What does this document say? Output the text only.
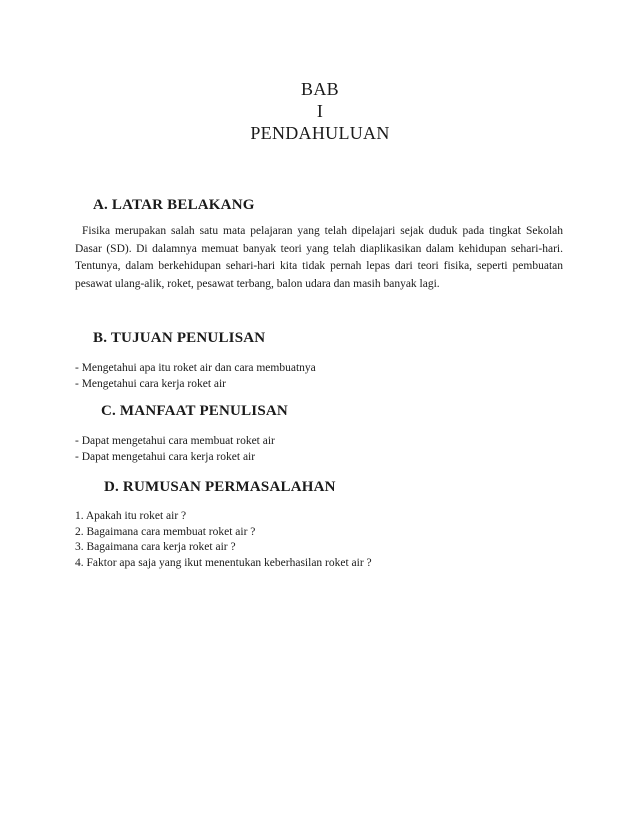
BAB
I
PENDAHULUAN
A. LATAR BELAKANG
Fisika merupakan salah satu mata pelajaran yang telah dipelajari sejak duduk pada tingkat Sekolah Dasar (SD). Di dalamnya memuat banyak teori yang telah diaplikasikan dalam kehidupan sehari-hari. Tentunya, dalam berkehidupan sehari-hari kita tidak pernah lepas dari teori fisika, seperti pembuatan pesawat ulang-alik, roket, pesawat terbang, balon udara dan masih banyak lagi.
B. TUJUAN PENULISAN
- Mengetahui apa itu roket air dan cara membuatnya
- Mengetahui cara kerja roket air
C. MANFAAT PENULISAN
- Dapat mengetahui cara membuat roket air
- Dapat mengetahui cara kerja roket air
D. RUMUSAN PERMASALAHAN
1. Apakah itu roket air ?
2. Bagaimana cara membuat roket air ?
3. Bagaimana cara kerja roket air ?
4. Faktor apa saja yang ikut menentukan keberhasilan roket air ?
